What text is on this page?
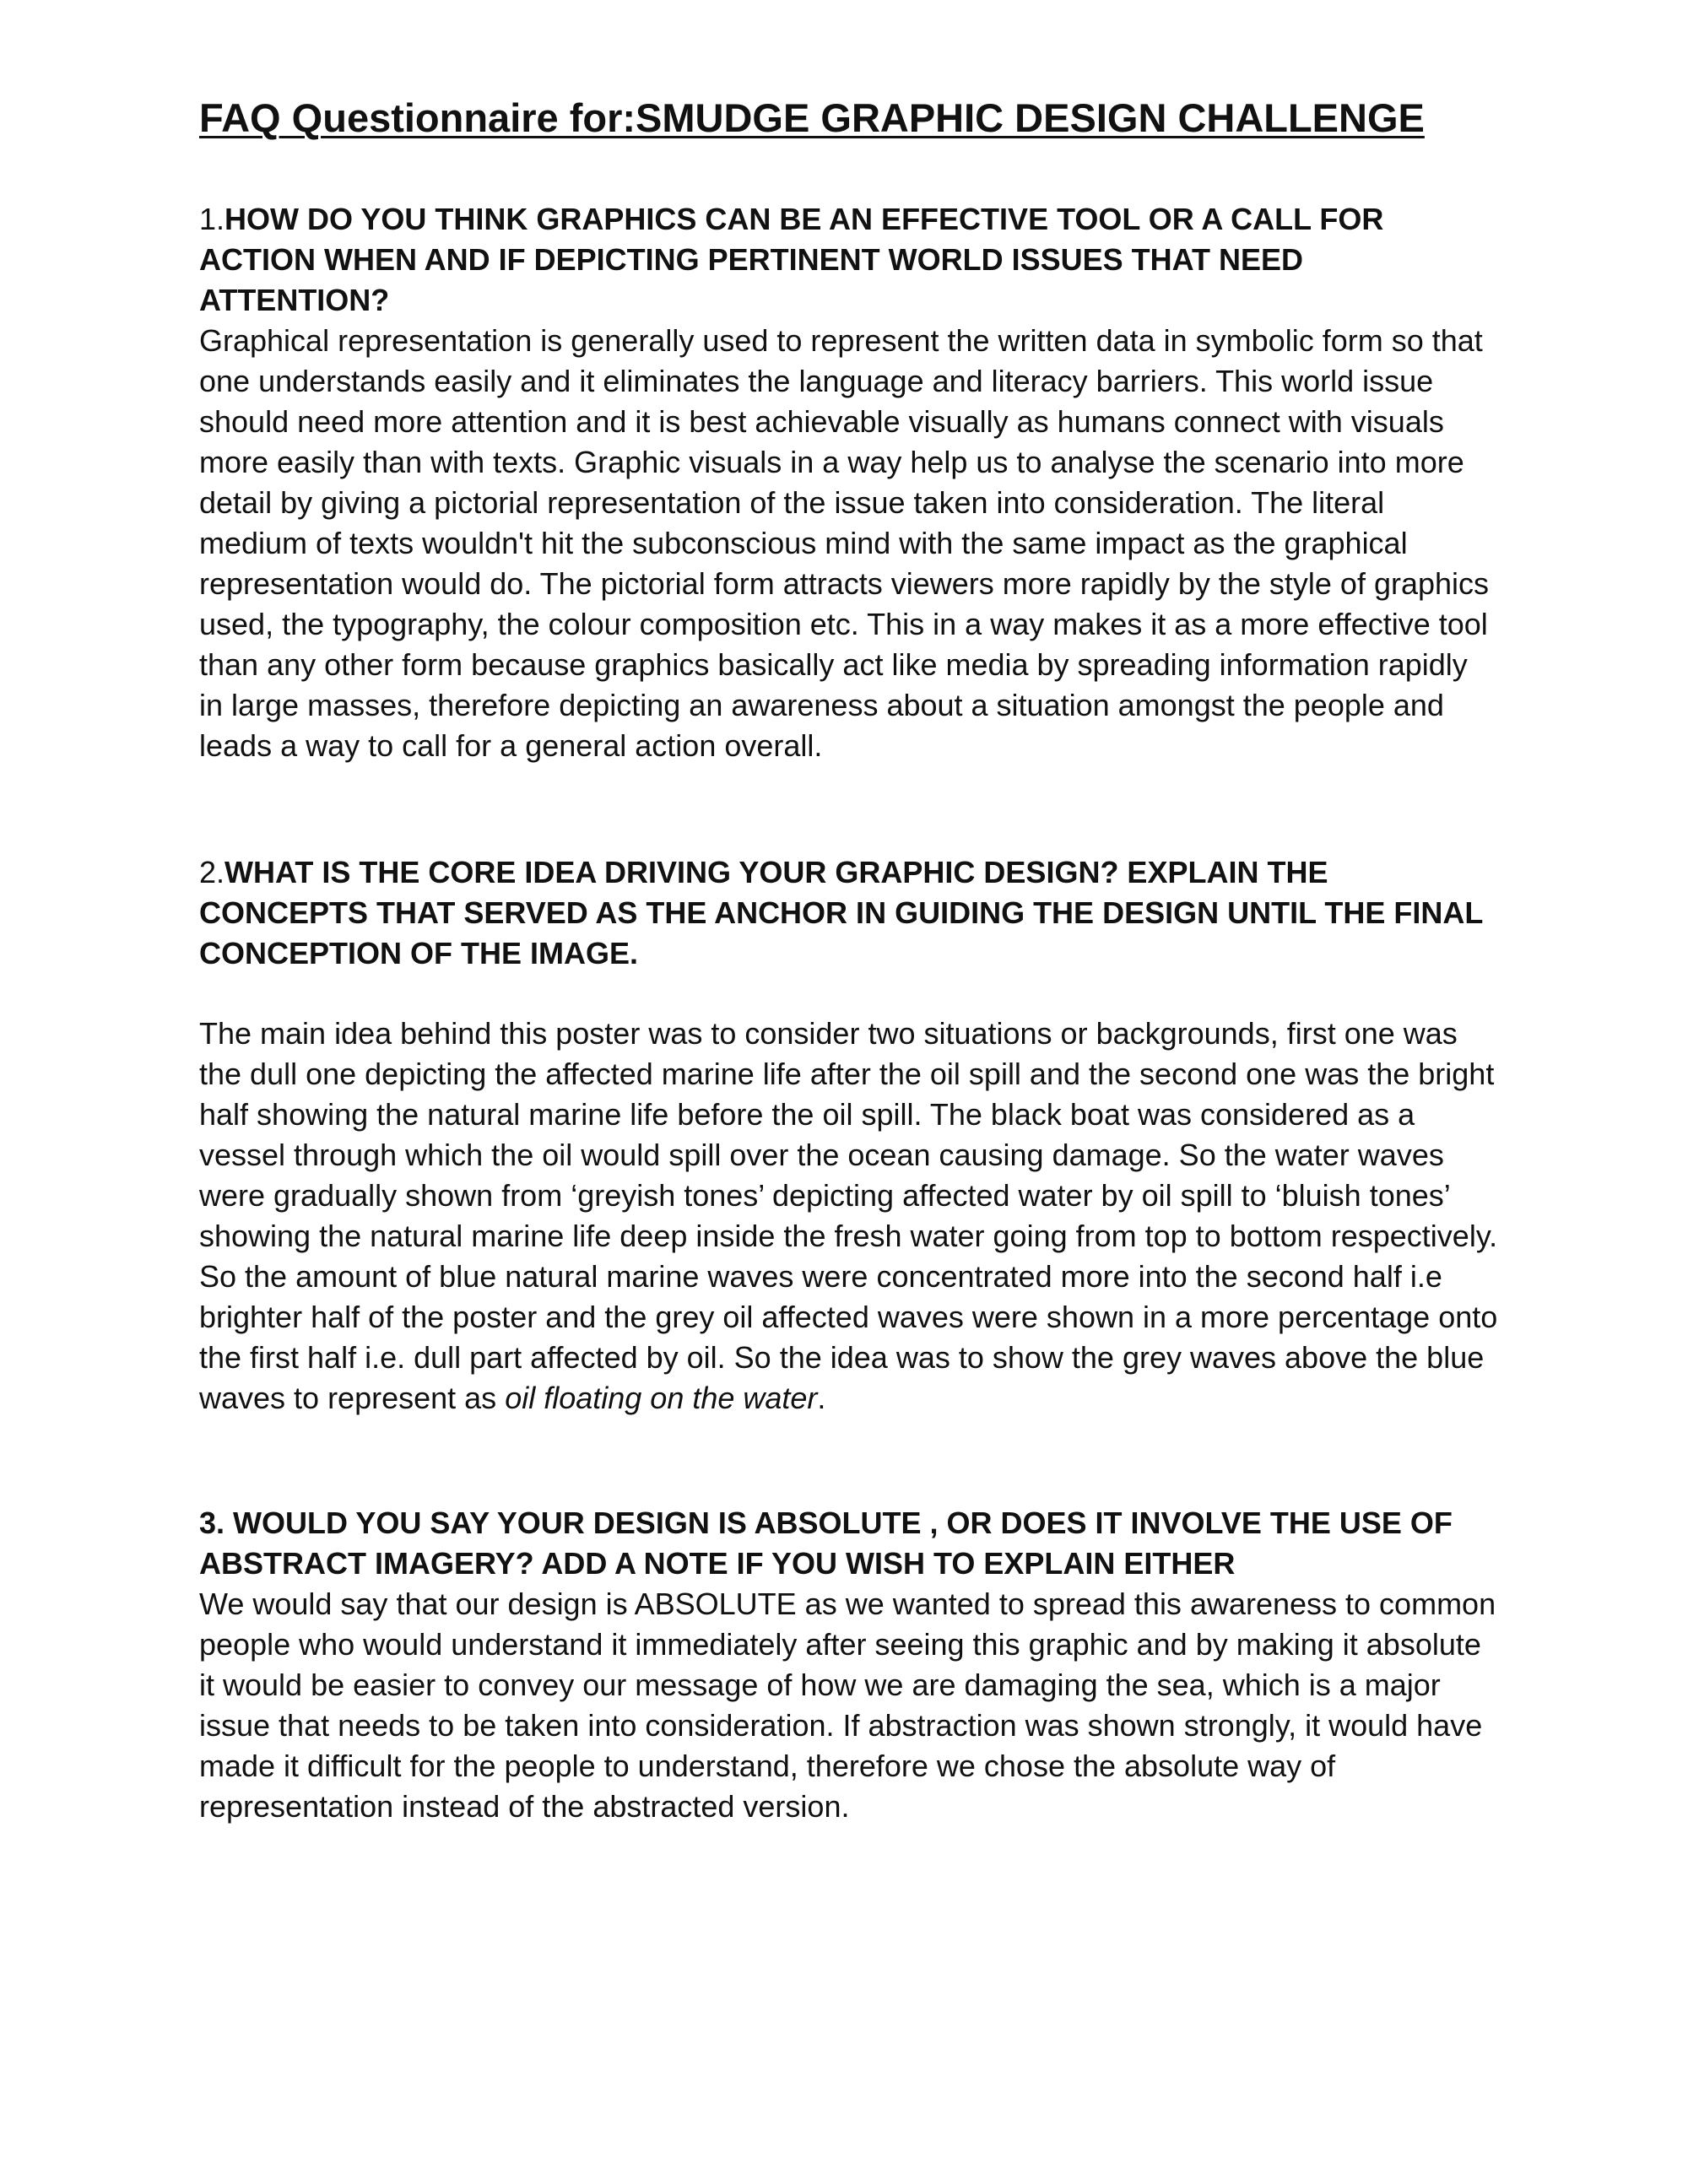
FAQ Questionnaire for:SMUDGE GRAPHIC DESIGN CHALLENGE

1.HOW DO YOU THINK GRAPHICS CAN BE AN EFFECTIVE TOOL OR A CALL FOR ACTION WHEN AND IF DEPICTING PERTINENT WORLD ISSUES THAT NEED ATTENTION?

Graphical representation is generally used to represent the written data in symbolic form so that one understands easily and it eliminates the language and literacy barriers. This world issue should need more attention and it is best achievable visually as humans connect with visuals more easily than with texts. Graphic visuals in a way help us to analyse the scenario into more detail by giving a pictorial representation of the issue taken into consideration. The literal medium of texts wouldn't hit the subconscious mind with the same impact as the graphical representation would do. The pictorial form attracts viewers more rapidly by the style of graphics used, the typography, the colour composition etc. This in a way makes it as a more effective tool than any other form because graphics basically act like media by spreading information rapidly in large masses, therefore depicting an awareness about a situation amongst the people and leads a way to call for a general action overall.

2.WHAT IS THE CORE IDEA DRIVING YOUR GRAPHIC DESIGN? EXPLAIN THE CONCEPTS THAT SERVED AS THE ANCHOR IN GUIDING THE DESIGN UNTIL THE FINAL CONCEPTION OF THE IMAGE.

The main idea behind this poster was to consider two situations or backgrounds, first one was the dull one depicting the affected marine life after the oil spill and the second one was the bright half showing the natural marine life before the oil spill. The black boat was considered as a vessel through which the oil would spill over the ocean causing damage. So the water waves were gradually shown from ‘greyish tones’ depicting affected water by oil spill to ‘bluish tones’ showing the natural marine life deep inside the fresh water going from top to bottom respectively. So the amount of blue natural marine waves were concentrated more into the second half i.e brighter half of the poster and the grey oil affected waves were shown in a more percentage onto the first half i.e. dull part affected by oil. So the idea was to show the grey waves above the blue waves to represent as oil floating on the water.

3. WOULD YOU SAY YOUR DESIGN IS ABSOLUTE , OR DOES IT INVOLVE THE USE OF ABSTRACT IMAGERY? ADD A NOTE IF YOU WISH TO EXPLAIN EITHER

We would say that our design is ABSOLUTE as we wanted to spread this awareness to common people who would understand it immediately after seeing this graphic and by making it absolute it would be easier to convey our message of how we are damaging the sea, which is a major issue that needs to be taken into consideration. If abstraction was shown strongly, it would have made it difficult for the people to understand, therefore we chose the absolute way of representation instead of the abstracted version.
